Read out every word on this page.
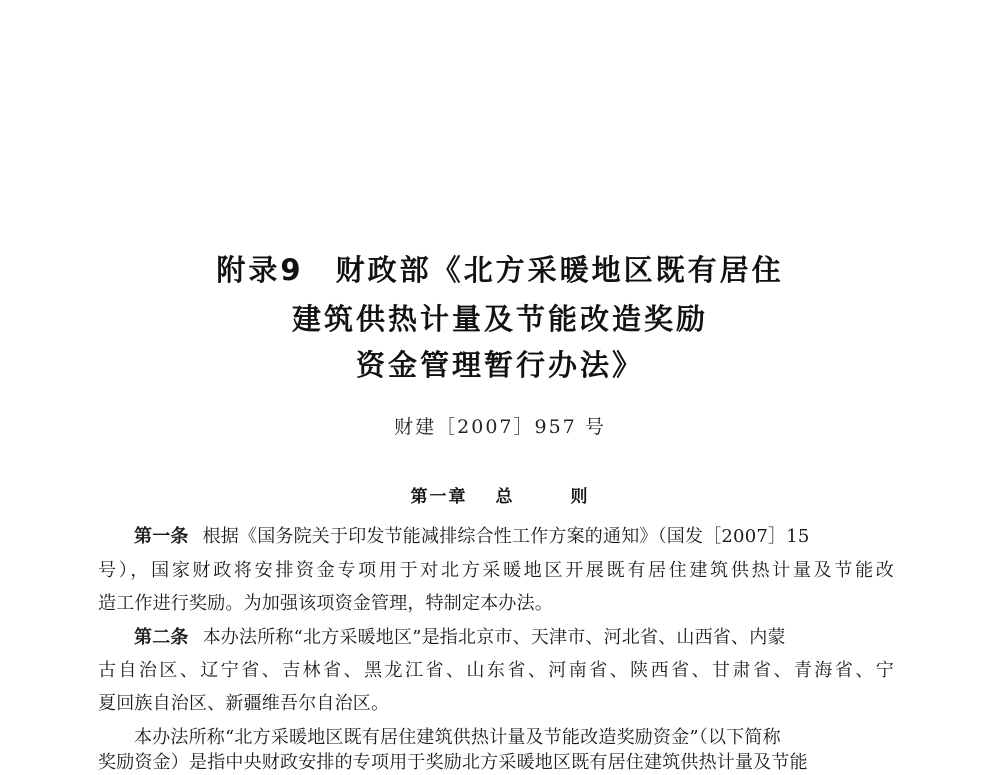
附录9　财政部《北方采暖地区既有居住
建筑供热计量及节能改造奖励
资金管理暂行办法》
财建［2007］957 号
第一章 总	则
第一条 根据《国务院关于印发节能减排综合性工作方案的通知》（国发［2007］15
号），国家财政将安排资金专项用于对北方采暖地区开展既有居住建筑供热计量及节能改
造工作进行奖励。为加强该项资金管理，特制定本办法。
第二条 本办法所称“北方采暖地区”是指北京市、天津市、河北省、山西省、内蒙
古自治区、辽宁省、吉林省、黑龙江省、山东省、河南省、陕西省、甘肃省、青海省、宁
夏回族自治区、新疆维吾尔自治区。
本办法所称“北方采暖地区既有居住建筑供热计量及节能改造奖励资金”（以下简称
奖励资金）是指中央财政安排的专项用于奖励北方采暖地区既有居住建筑供热计量及节能
